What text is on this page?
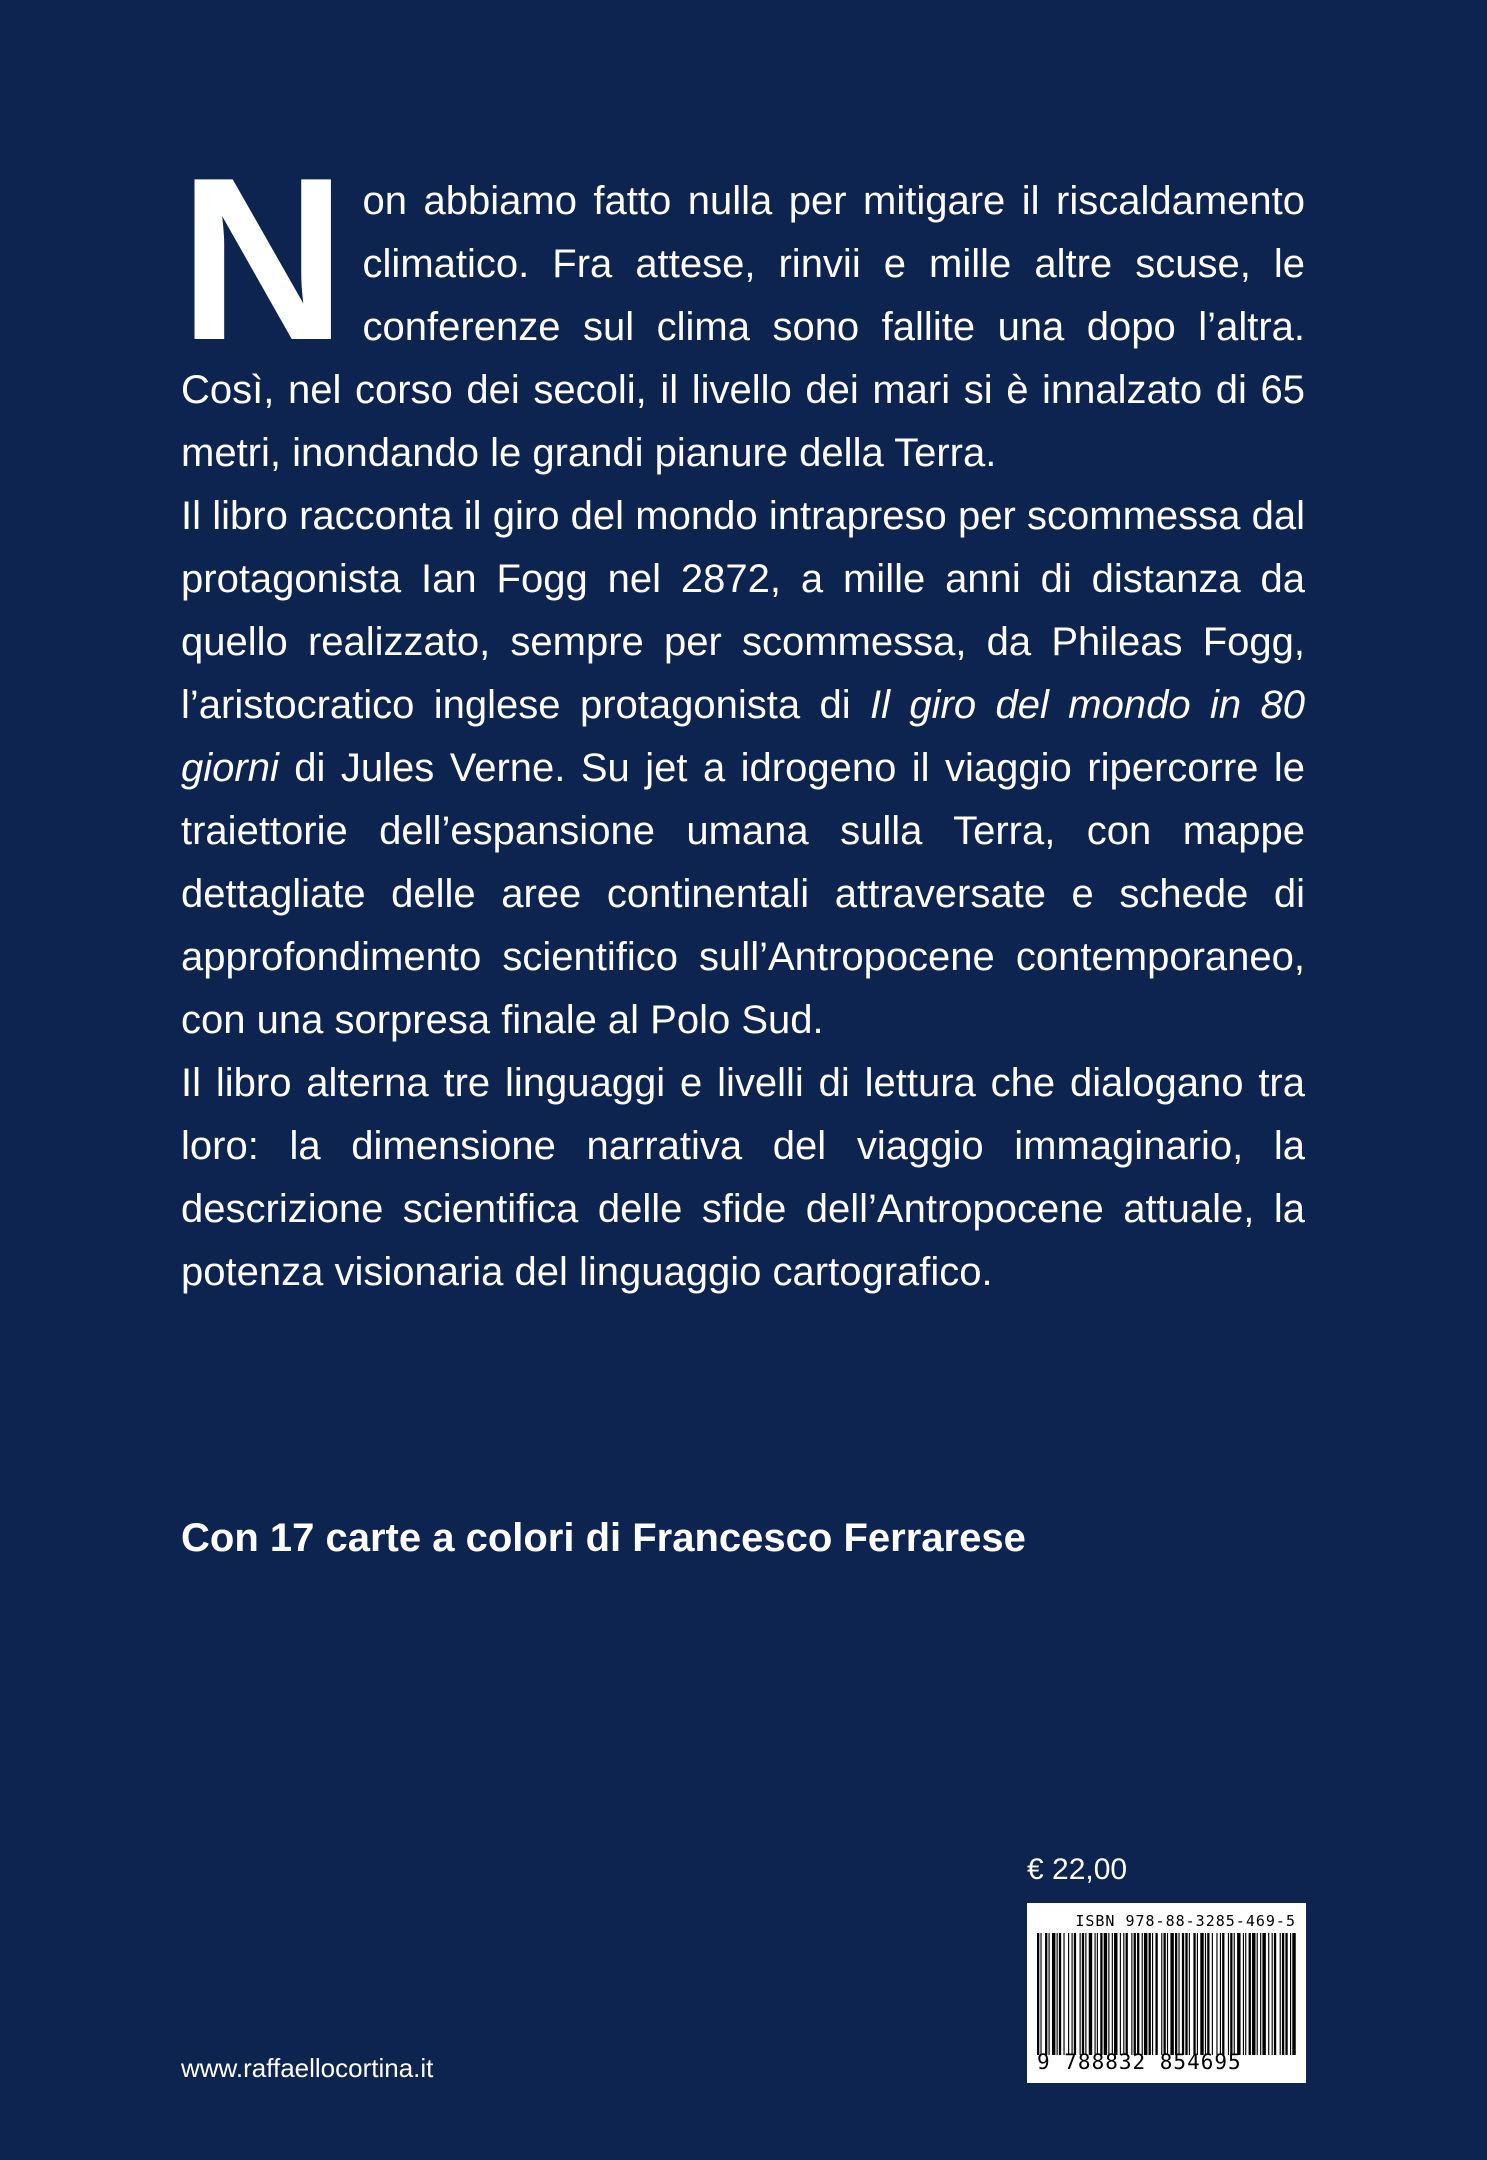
Non abbiamo fatto nulla per mitigare il riscaldamento climatico. Fra attese, rinvii e mille altre scuse, le conferenze sul clima sono fallite una dopo l’altra. Così, nel corso dei secoli, il livello dei mari si è innalzato di 65 metri, inondando le grandi pianure della Terra.

Il libro racconta il giro del mondo intrapreso per scommessa dal protagonista Ian Fogg nel 2872, a mille anni di distanza da quello realizzato, sempre per scommessa, da Phileas Fogg, l’aristocratico inglese protagonista di Il giro del mondo in 80 giorni di Jules Verne. Su jet a idrogeno il viaggio ripercorre le traiettorie dell’espansione umana sulla Terra, con mappe dettagliate delle aree continentali attraversate e schede di approfondimento scientifico sull’Antropocene contemporaneo, con una sorpresa finale al Polo Sud.

Il libro alterna tre linguaggi e livelli di lettura che dialogano tra loro: la dimensione narrativa del viaggio immaginario, la descrizione scientifica delle sfide dell’Antropocene attuale, la potenza visionaria del linguaggio cartografico.

Con 17 carte a colori di Francesco Ferrarese
€ 22,00
ISBN 978-88-3285-469-5
9 788832 854695
www.raffaellocortina.it
